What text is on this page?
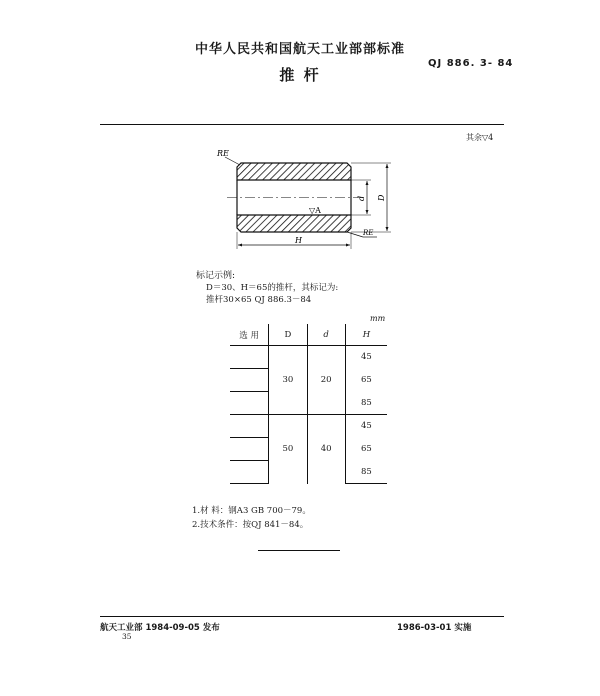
中华人民共和国航天工业部部标准
推 杆
QJ 886. 3- 84
其余▽4
RE
RE
▽A
d D
H
标记示例:
D＝30、H＝65的推杆，其标记为:
推杆30×65 QJ 886.3－84
mm
选 用	D	d	H
	30	20	45
			65
			85
	50	40	45
			65
			85
1.材 料：钢A3 GB 700－79。
2.技术条件：按QJ 841－84。
航天工业部 1984-09-05 发布	1986-03-01 实施
35
